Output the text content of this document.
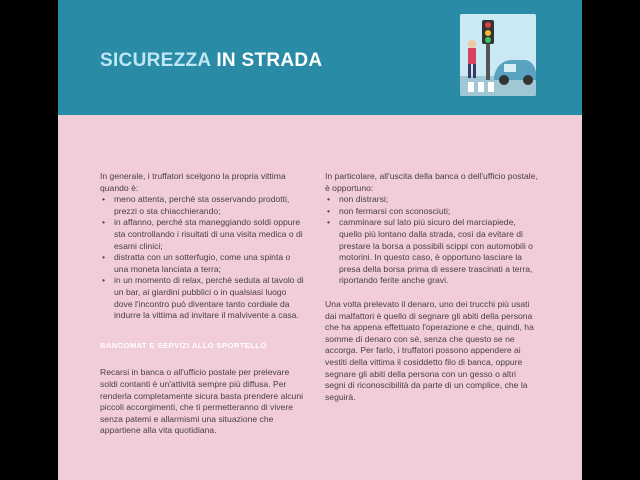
SICUREZZA IN STRADA

In generale, i truffatori scelgono la propria vittima quando è:

• meno attenta, perché sta osservando prodotti, prezzi o sta chiacchierando;
• in affanno, perché sta maneggiando soldi oppure sta controllando i risultati di una visita medica o di esami clinici;
• distratta con un sotterfugio, come una spinta o una moneta lanciata a terra;
• in un momento di relax, perché seduta al tavolo di un bar, ai giardini pubblici o in qualsiasi luogo dove l'incontro può diventare tanto cordiale da indurre la vittima ad invitare il malvivente a casa.
BANCOMAT E SERVIZI ALLO SPORTELLO

Recarsi in banca o all'ufficio postale per prelevare soldi contanti è un'attività sempre più diffusa. Per renderla completamente sicura basta prendere alcuni piccoli accorgimenti, che ti permetteranno di vivere senza patemi e allarmismi una situazione che appartiene alla vita quotidiana.

In particolare, all'uscita della banca o dell'ufficio postale, è opportuno:

• non distrarsi;
• non fermarsi con sconosciuti;
• camminare sul lato più sicuro del marciapiede, quello più lontano dalla strada, così da evitare di prestare la borsa a possibili scippi con automobili o motorini. In questo caso, è opportuno lasciare la presa della borsa prima di essere trascinati a terra, riportando ferite anche gravi.

Una volta prelevato il denaro, uno dei trucchi più usati dai malfattori è quello di segnare gli abiti della persona che ha appena effettuato l'operazione e che, quindi, ha somme di denaro con sé, senza che questo se ne accorga. Per farlo, i truffatori possono appendere ai vestiti della vittima il cosiddetto filo di banca, oppure segnare gli abiti della persona con un gesso o altri segni di riconoscibilità da parte di un complice, che la seguirà.
